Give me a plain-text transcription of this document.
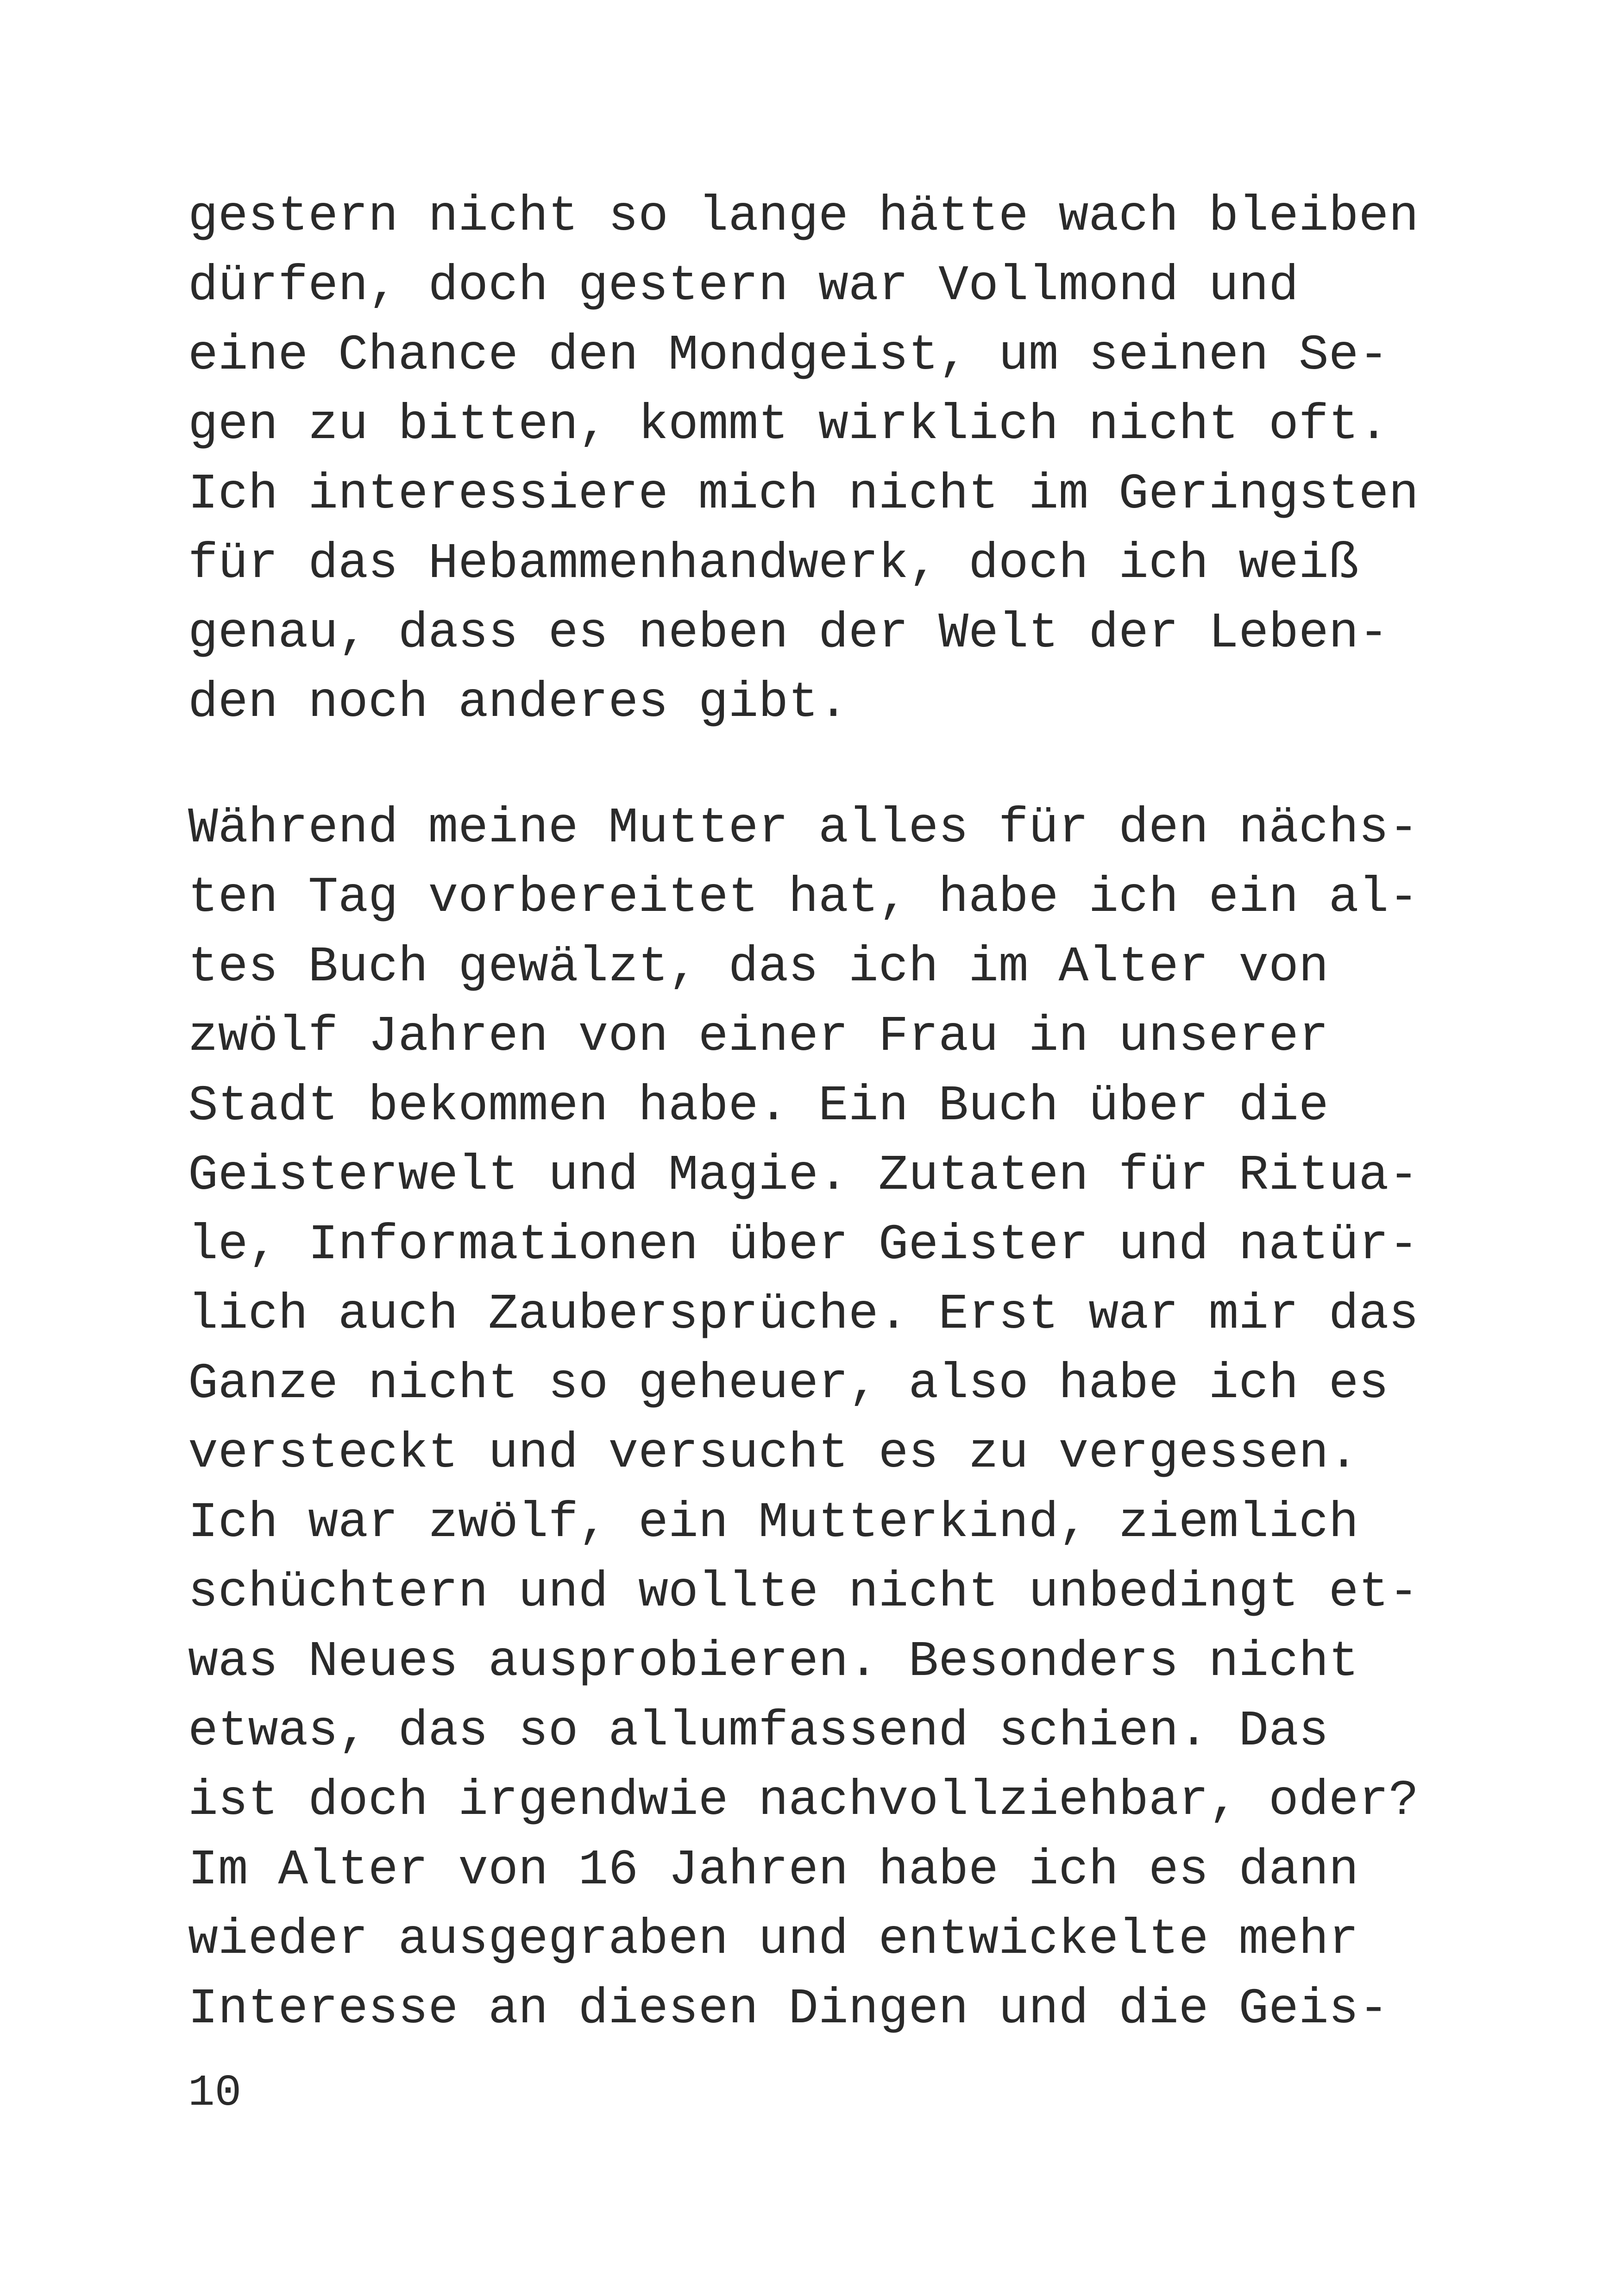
gestern nicht so lange hätte wach bleiben
dürfen, doch gestern war Vollmond und
eine Chance den Mondgeist, um seinen Se-
gen zu bitten, kommt wirklich nicht oft.
Ich interessiere mich nicht im Geringsten
für das Hebammenhandwerk, doch ich weiß
genau, dass es neben der Welt der Leben-
den noch anderes gibt.
Während meine Mutter alles für den nächs-
ten Tag vorbereitet hat, habe ich ein al-
tes Buch gewälzt, das ich im Alter von
zwölf Jahren von einer Frau in unserer
Stadt bekommen habe. Ein Buch über die
Geisterwelt und Magie. Zutaten für Ritua-
le, Informationen über Geister und natür-
lich auch Zaubersprüche. Erst war mir das
Ganze nicht so geheuer, also habe ich es
versteckt und versucht es zu vergessen.
Ich war zwölf, ein Mutterkind, ziemlich
schüchtern und wollte nicht unbedingt et-
was Neues ausprobieren. Besonders nicht
etwas, das so allumfassend schien. Das
ist doch irgendwie nachvollziehbar, oder?
Im Alter von 16 Jahren habe ich es dann
wieder ausgegraben und entwickelte mehr
Interesse an diesen Dingen und die Geis-
10
